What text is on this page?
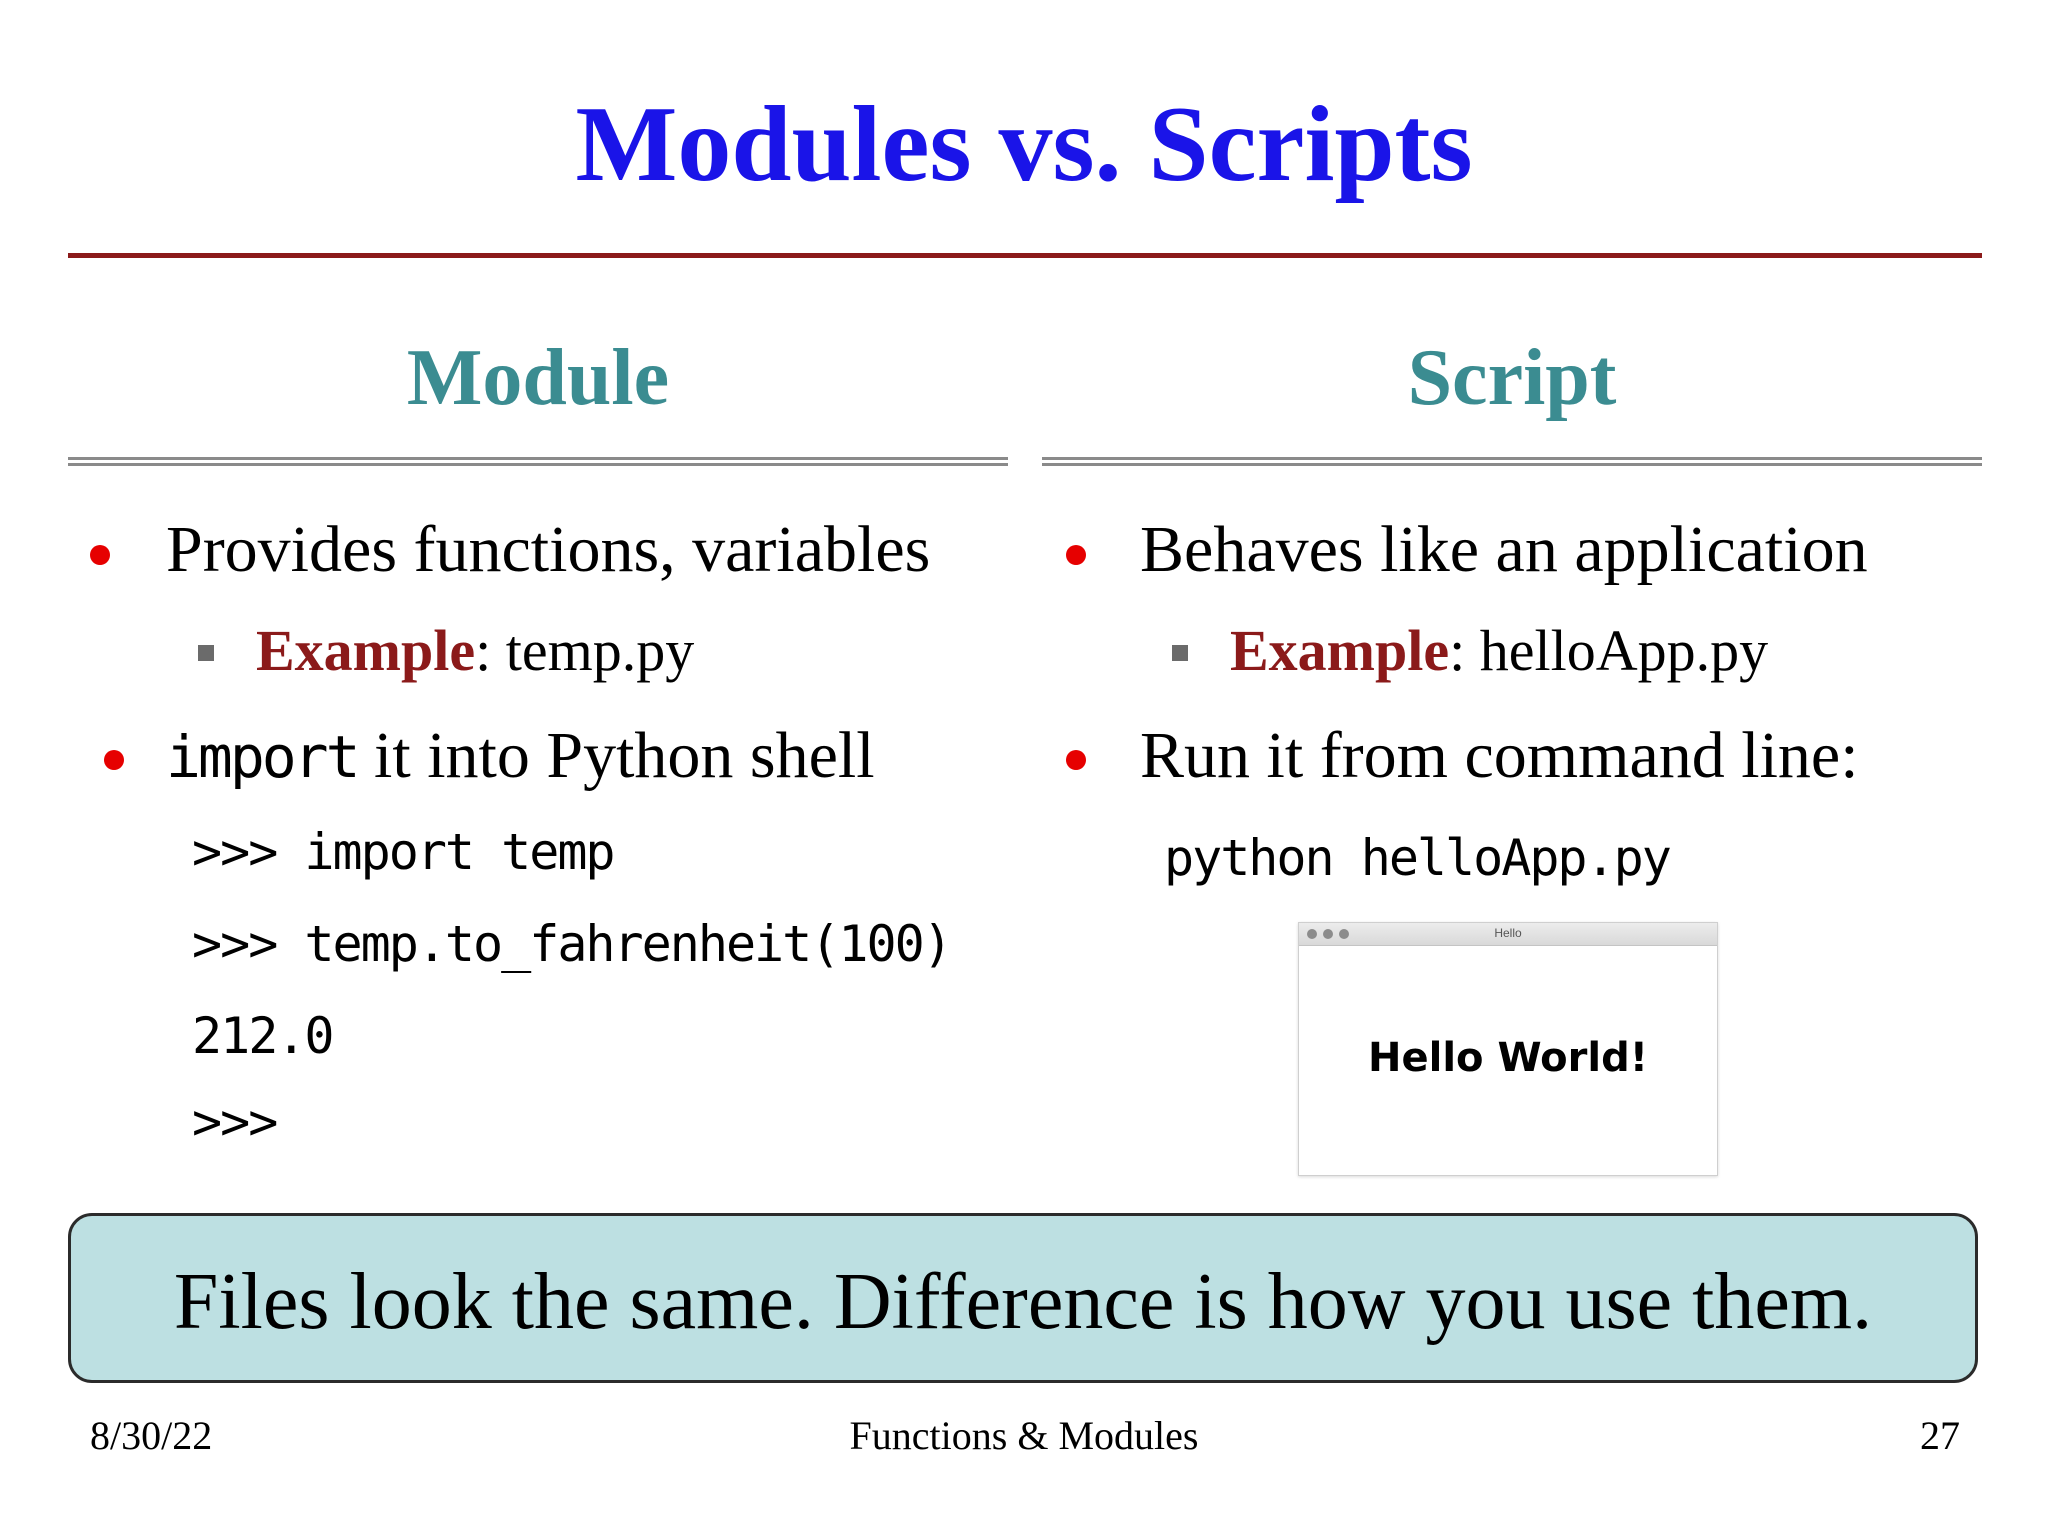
Modules vs. Scripts
Module
Provides functions, variables
Example: temp.py
import it into Python shell
>>> import temp
>>> temp.to_fahrenheit(100)
212.0
>>>
Script
Behaves like an application
Example: helloApp.py
Run it from command line:
python helloApp.py
Hello
Hello World!
Files look the same. Difference is how you use them.
8/30/22	Functions & Modules	27
